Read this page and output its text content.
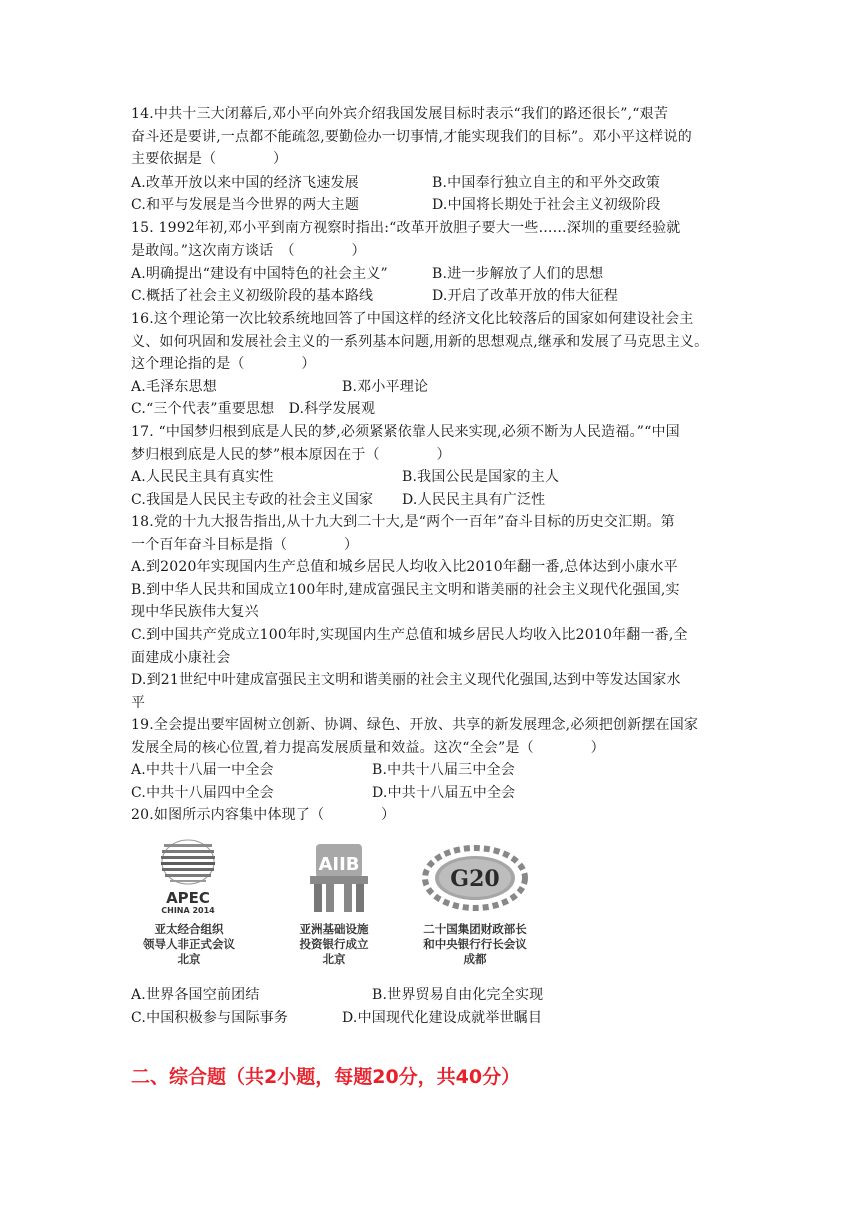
14.中共十三大闭幕后,邓小平向外宾介绍我国发展目标时表示“我们的路还很长”,“艰苦
奋斗还是要讲,一点都不能疏忽,要勤俭办一切事情,才能实现我们的目标”。邓小平这样说的
主要依据是（　　　　）
A.改革开放以来中国的经济飞速发展	B.中国奉行独立自主的和平外交政策
C.和平与发展是当今世界的两大主题	D.中国将长期处于社会主义初级阶段
15. 1992年初,邓小平到南方视察时指出:“改革开放胆子要大一些……深圳的重要经验就
是敢闯。”这次南方谈话　（　　　　）
A.明确提出“建设有中国特色的社会主义”	B.进一步解放了人们的思想
C.概括了社会主义初级阶段的基本路线	D.开启了改革开放的伟大征程
16.这个理论第一次比较系统地回答了中国这样的经济文化比较落后的国家如何建设社会主
义、如何巩固和发展社会主义的一系列基本问题,用新的思想观点,继承和发展了马克思主义。
这个理论指的是（　　　　）
A.毛泽东思想	B.邓小平理论
C.“三个代表”重要思想　D.科学发展观
17. “中国梦归根到底是人民的梦,必须紧紧依靠人民来实现,必须不断为人民造福。”“中国
梦归根到底是人民的梦”根本原因在于（　　　　）
A.人民民主具有真实性	B.我国公民是国家的主人
C.我国是人民民主专政的社会主义国家 D.人民民主具有广泛性
18.党的十九大报告指出,从十九大到二十大,是“两个一百年”奋斗目标的历史交汇期。第
一个百年奋斗目标是指（　　　　）
A.到2020年实现国内生产总值和城乡居民人均收入比2010年翻一番,总体达到小康水平
B.到中华人民共和国成立100年时,建成富强民主文明和谐美丽的社会主义现代化强国,实
现中华民族伟大复兴
C.到中国共产党成立100年时,实现国内生产总值和城乡居民人均收入比2010年翻一番,全
面建成小康社会
D.到21世纪中叶建成富强民主文明和谐美丽的社会主义现代化强国,达到中等发达国家水
平
19.全会提出要牢固树立创新、协调、绿色、开放、共享的新发展理念,必须把创新摆在国家
发展全局的核心位置,着力提高发展质量和效益。这次“全会”是（　　　　）
A.中共十八届一中全会	B.中共十八届三中全会
C.中共十八届四中全会	D.中共十八届五中全会
20.如图所示内容集中体现了（　　　　）
APEC
CHINA 2014
亚太经合组织
领导人非正式会议
北京
AIIB
亚洲基础设施
投资银行成立
北京
G20
二十国集团财政部长
和中央银行行长会议
成都
A.世界各国空前团结	B.世界贸易自由化完全实现
C.中国积极参与国际事务	D.中国现代化建设成就举世瞩目
二、综合题（共2小题，每题20分，共40分）
